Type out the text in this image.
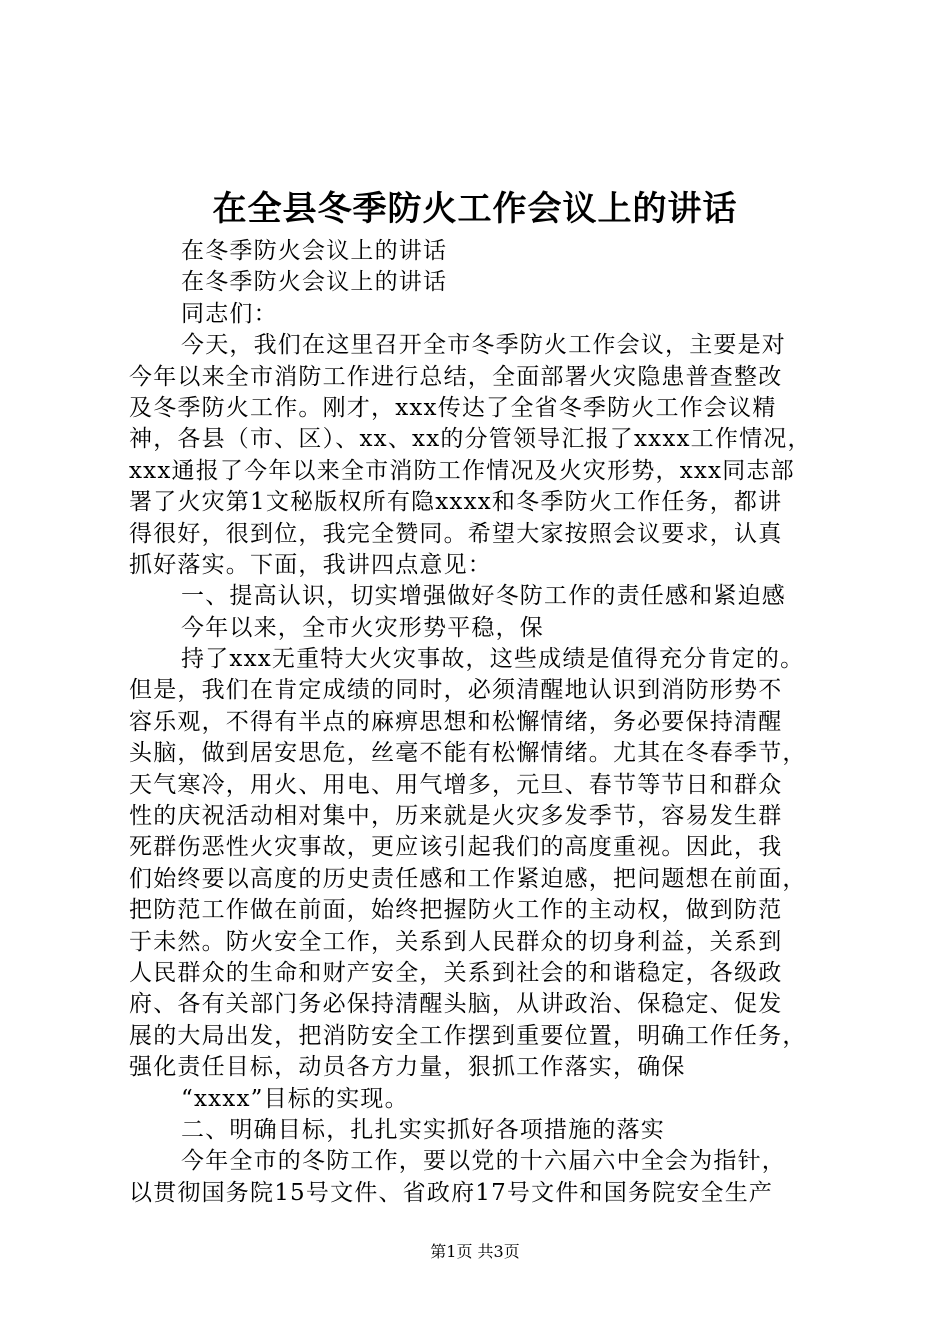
在全县冬季防火工作会议上的讲话
在冬季防火会议上的讲话
在冬季防火会议上的讲话
同志们：
今天，我们在这里召开全市冬季防火工作会议，主要是对
今年以来全市消防工作进行总结，全面部署火灾隐患普查整改
及冬季防火工作。刚才，xxx传达了全省冬季防火工作会议精
神，各县（市、区）、xx、xx的分管领导汇报了xxxx工作情况，
xxx通报了今年以来全市消防工作情况及火灾形势，xxx同志部
署了火灾第1文秘版权所有隐xxxx和冬季防火工作任务，都讲
得很好，很到位，我完全赞同。希望大家按照会议要求，认真
抓好落实。下面，我讲四点意见：
一、提高认识，切实增强做好冬防工作的责任感和紧迫感
今年以来，全市火灾形势平稳，保
持了xxx无重特大火灾事故，这些成绩是值得充分肯定的。
但是，我们在肯定成绩的同时，必须清醒地认识到消防形势不
容乐观，不得有半点的麻痹思想和松懈情绪，务必要保持清醒
头脑，做到居安思危，丝毫不能有松懈情绪。尤其在冬春季节，
天气寒冷，用火、用电、用气增多，元旦、春节等节日和群众
性的庆祝活动相对集中，历来就是火灾多发季节，容易发生群
死群伤恶性火灾事故，更应该引起我们的高度重视。因此，我
们始终要以高度的历史责任感和工作紧迫感，把问题想在前面，
把防范工作做在前面，始终把握防火工作的主动权，做到防范
于未然。防火安全工作，关系到人民群众的切身利益，关系到
人民群众的生命和财产安全，关系到社会的和谐稳定，各级政
府、各有关部门务必保持清醒头脑，从讲政治、保稳定、促发
展的大局出发，把消防安全工作摆到重要位置，明确工作任务，
强化责任目标，动员各方力量，狠抓工作落实，确保
“xxxx”目标的实现。
二、明确目标，扎扎实实抓好各项措施的落实
今年全市的冬防工作，要以党的十六届六中全会为指针，
以贯彻国务院15号文件、省政府17号文件和国务院安全生产
第1页 共3页
